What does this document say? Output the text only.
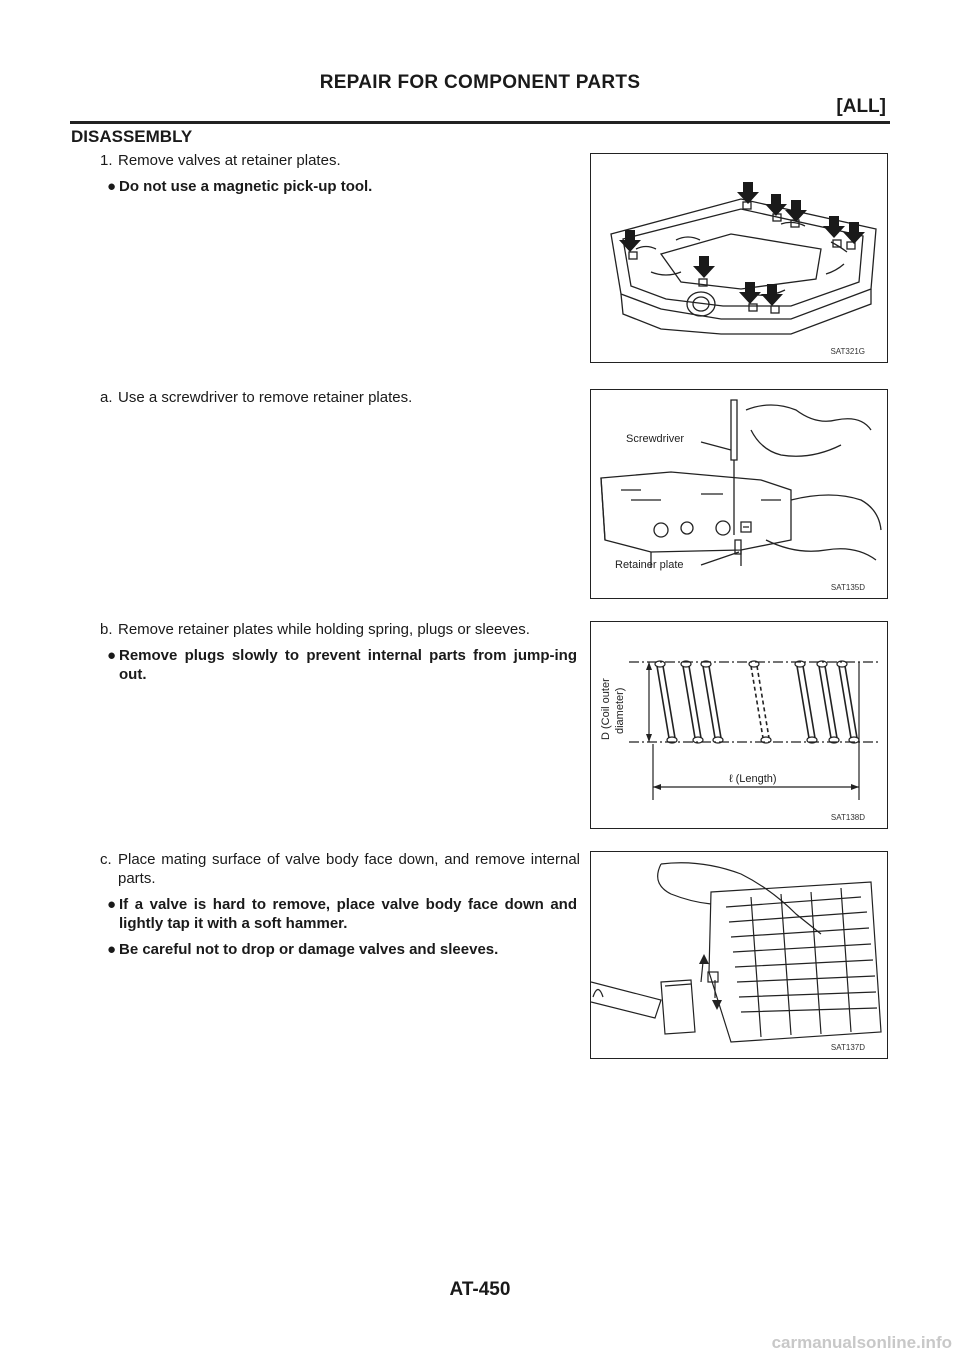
REPAIR FOR COMPONENT PARTS
[ALL]
DISASSEMBLY
1. Remove valves at retainer plates.
● Do not use a magnetic pick-up tool.
a. Use a screwdriver to remove retainer plates.
b. Remove retainer plates while holding spring, plugs or sleeves.
● Remove plugs slowly to prevent internal parts from jump-ing out.
c. Place mating surface of valve body face down, and remove internal parts.
● If a valve is hard to remove, place valve body face down and lightly tap it with a soft hammer.
● Be careful not to drop or damage valves and sleeves.
SAT321G
Screwdriver
Retainer plate
SAT135D
D (Coil outer diameter)
ℓ (Length)
SAT138D
SAT137D
AT-450
carmanualsonline.info
